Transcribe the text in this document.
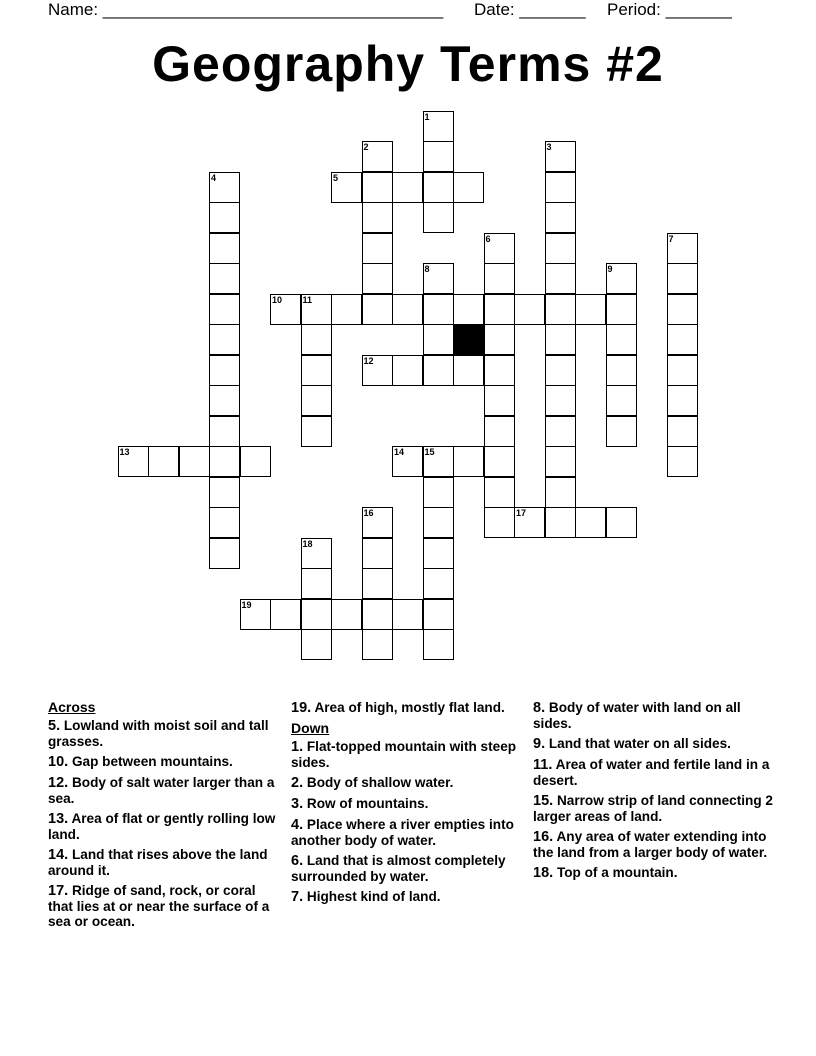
Name: ____________________________________ Date: _______ Period: _______
Geography Terms #2
1
2	3
4	5
6	7
8	9
10 11
12
13	14 15
16	17
18
19
Across
5. Lowland with moist soil and tall grasses.
10. Gap between mountains.
12. Body of salt water larger than a sea.
13. Area of flat or gently rolling low land.
14. Land that rises above the land around it.
17. Ridge of sand, rock, or coral that lies at or near the surface of a sea or ocean.
19. Area of high, mostly flat land.
Down
1. Flat-topped mountain with steep sides.
2. Body of shallow water.
3. Row of mountains.
4. Place where a river empties into another body of water.
6. Land that is almost completely surrounded by water.
7. Highest kind of land.
8. Body of water with land on all sides.
9. Land that water on all sides.
11. Area of water and fertile land in a desert.
15. Narrow strip of land connecting 2 larger areas of land.
16. Any area of water extending into the land from a larger body of water.
18. Top of a mountain.
